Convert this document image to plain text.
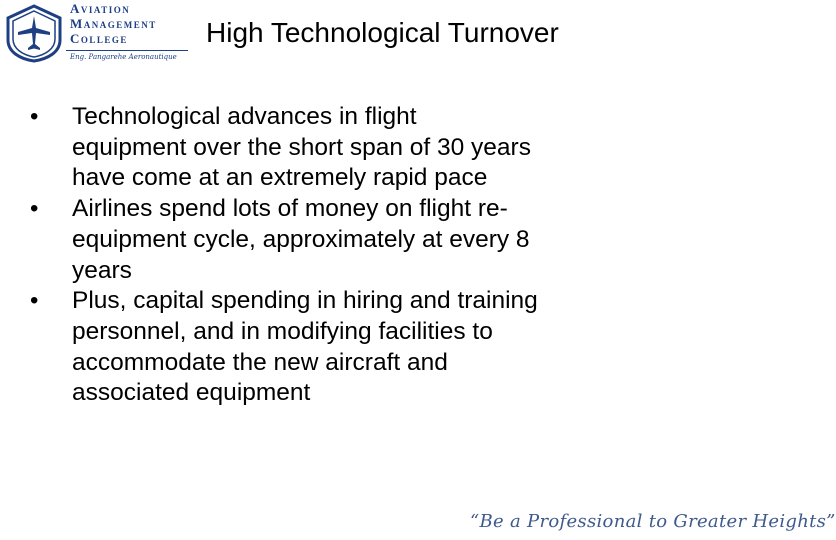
Aviation
Management
College
Eng. Pangarehe Aeronautique
High Technological Turnover
•	Technological advances in flight
equipment over the short span of 30 years
have come at an extremely rapid pace
•	Airlines spend lots of money on flight re-
equipment cycle, approximately at every 8
years
•	Plus, capital spending in hiring and training
personnel, and in modifying facilities to
accommodate the new aircraft and
associated equipment
“Be a Professional to Greater Heights”
